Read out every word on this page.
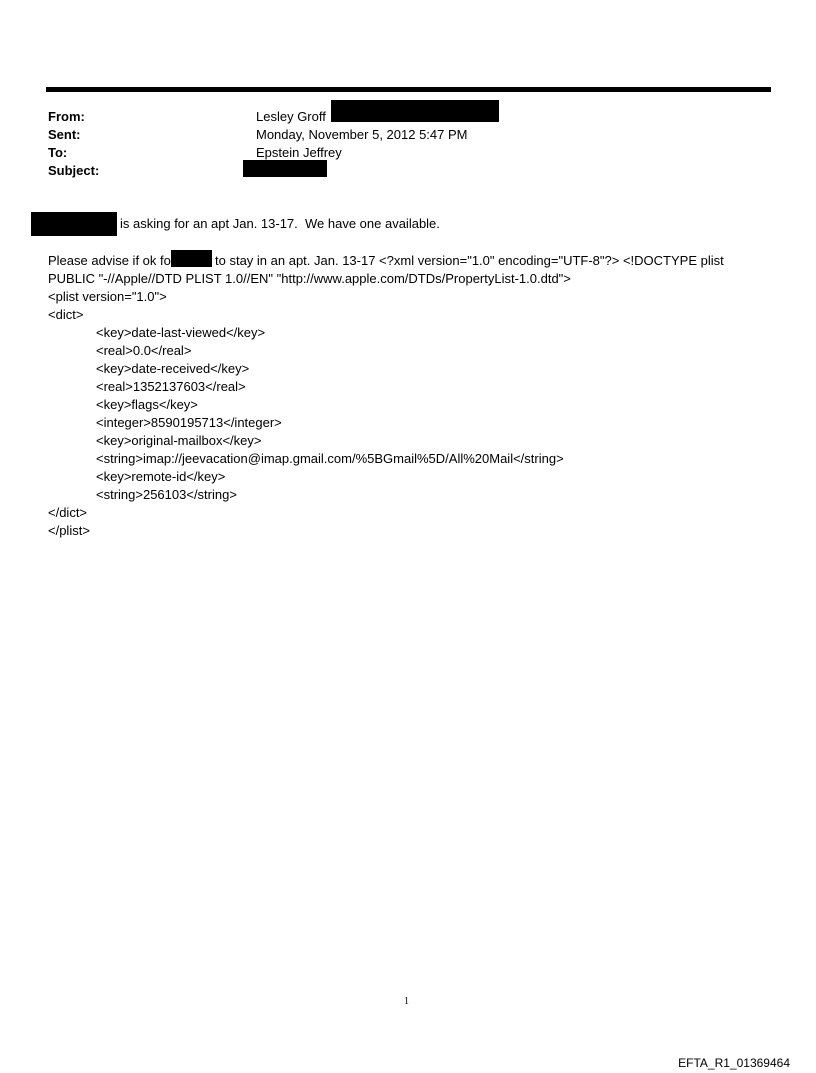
From:	Lesley Groff
Sent:	Monday, November 5, 2012 5:47 PM
To:	Epstein Jeffrey
Subject:
is asking for an apt Jan. 13-17.  We have one available.
Please advise if ok fo	to stay in an apt. Jan. 13-17 <?xml version="1.0" encoding="UTF-8"?> <!DOCTYPE plist
PUBLIC "-//Apple//DTD PLIST 1.0//EN" "http://www.apple.com/DTDs/PropertyList-1.0.dtd">
<plist version="1.0">
<dict>
<key>date-last-viewed</key>
<real>0.0</real>
<key>date-received</key>
<real>1352137603</real>
<key>flags</key>
<integer>8590195713</integer>
<key>original-mailbox</key>
<string>imap://jeevacation@imap.gmail.com/%5BGmail%5D/All%20Mail</string>
<key>remote-id</key>
<string>256103</string>
</dict>
</plist>
1
EFTA_R1_01369464
